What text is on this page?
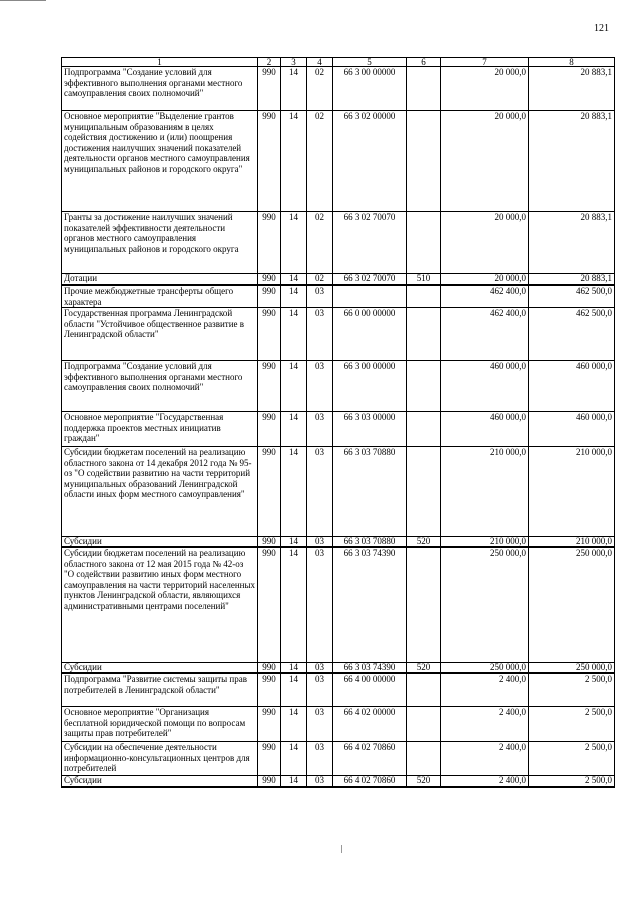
121
1	2	3	4	5	6	7	8
Подпрограмма "Создание условий для эффективного выполнения органами местного самоуправления своих полномочий"	990	14	02	66 3 00 00000		20 000,0	20 883,1
Основное мероприятие "Выделение грантов муниципальным образованиям в целях содействия достижению и (или) поощрения достижения наилучших значений показателей деятельности органов местного самоуправления муниципальных районов и городского округа"	990	14	02	66 3 02 00000		20 000,0	20 883,1
Гранты за достижение наилучших значений показателей эффективности деятельности органов местного самоуправления муниципальных районов и городского округа	990	14	02	66 3 02 70070		20 000,0	20 883,1
Дотации	990	14	02	66 3 02 70070	510	20 000,0	20 883,1
Прочие межбюджетные трансферты общего характера	990	14	03			462 400,0	462 500,0
Государственная программа Ленинградской области "Устойчивое общественное развитие в Ленинградской области"	990	14	03	66 0 00 00000		462 400,0	462 500,0
Подпрограмма "Создание условий для эффективного выполнения органами местного самоуправления своих полномочий"	990	14	03	66 3 00 00000		460 000,0	460 000,0
Основное мероприятие "Государственная поддержка проектов местных инициатив граждан"	990	14	03	66 3 03 00000		460 000,0	460 000,0
Субсидии бюджетам поселений на реализацию областного закона от 14 декабря 2012 года № 95-оз "О содействии развитию на части территорий муниципальных образований Ленинградской области иных форм местного самоуправления"	990	14	03	66 3 03 70880		210 000,0	210 000,0
Субсидии	990	14	03	66 3 03 70880	520	210 000,0	210 000,0
Субсидии бюджетам поселений на реализацию областного закона от 12 мая 2015 года № 42-оз "О содействии развитию иных форм местного самоуправления на части территорий населенных пунктов Ленинградской области, являющихся административными центрами поселений"	990	14	03	66 3 03 74390		250 000,0	250 000,0
Субсидии	990	14	03	66 3 03 74390	520	250 000,0	250 000,0
Подпрограмма "Развитие системы защиты прав потребителей в Ленинградской области"	990	14	03	66 4 00 00000		2 400,0	2 500,0
Основное мероприятие "Организация бесплатной юридической помощи по вопросам защиты прав потребителей"	990	14	03	66 4 02 00000		2 400,0	2 500,0
Субсидии на обеспечение деятельности информационно-консультационных центров для потребителей	990	14	03	66 4 02 70860		2 400,0	2 500,0
Субсидии	990	14	03	66 4 02 70860	520	2 400,0	2 500,0
